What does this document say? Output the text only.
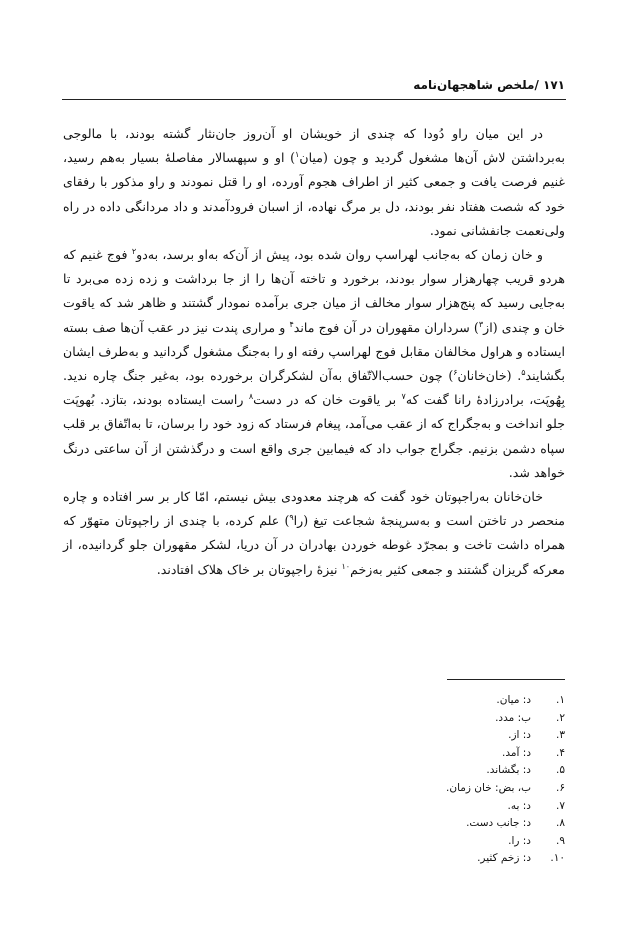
۱۷۱ /ملخص شاهجهان‌نامه

در این میان راو دُودا که چندی از خویشان او آن‌روز جان‌نثار گشته بودند، با مالوجی به‌برداشتن لاش آن‌ها مشغول گردید و چون (میان$^۱$) او و سپهسالار مفاصلهٔ بسیار به‌هم رسید، غنیم فرصت یافت و جمعی کثیر از اطراف هجوم آورده، او را قتل نمودند و راو مذکور با رفقای خود که شصت هفتاد نفر بودند، دل بر مرگ نهاده، از اسبان فرودآمدند و داد مردانگی داده در راه ولی‌نعمت جانفشانی نمود.

و خان زمان که به‌جانب لهراسپ روان شده بود، پیش از آن‌که به‌او برسد، به‌دو$^۲$ فوج غنیم که هردو قریب چهارهزار سوار بودند، برخورد و تاخته آن‌ها را از جا برداشت و زده زده می‌برد تا به‌جایی رسید که پنج‌هزار سوار مخالف از میان جری برآمده نمودار گشتند و ظاهر شد که یاقوت خان و چندی (از$^۳$) سرداران مقهوران در آن فوج ماند$^۴$ و مراری پندت نیز در عقب آن‌ها صف بسته ایستاده و هراول مخالفان مقابل فوج لهراسپ رفته او را به‌جنگ مشغول گردانید و به‌طرف ایشان بگشایند$^۵$. (خان‌خانان$^۶$) چون حسب‌الاتّفاق به‌آن لشکرگران برخورده بود، به‌غیر جنگ چاره ندید. بِهُوپَت، برادرزادهٔ رانا گفت که$^۷$ بر یاقوت خان که در دست$^۸$ راست ایستاده بودند، بتازد. بُهوپَت جلو انداخت و به‌جگراج که از عقب می‌آمد، پیغام فرستاد که زود خود را برسان، تا به‌اتّفاق بر قلب سپاه دشمن بزنیم. جگراج جواب داد که فیمابین جری واقع است و درگذشتن از آن ساعتی درنگ خواهد شد.

خان‌خانان به‌راجپوتان خود گفت که هرچند معدودی بیش نیستم، امّا کار بر سر افتاده و چاره منحصر در تاختن است و به‌سرپنجهٔ شجاعت تیغ (را$^۹$) علم کرده، با چندی از راجپوتان متهوّر که همراه داشت تاخت و بمجرّد غوطه خوردن بهادران در آن دریا، لشکر مقهوران جلو گردانیده، از معرکه گریزان گشتند و جمعی کثیر به‌زخم$^{۱۰}$ نیزهٔ راجپوتان بر خاک هلاک افتادند.

۱.
د: میان.
۲.
ب: مدد.
۳.
د: از.
۴.
د: آمد.
۵.
د: بگشاند.
۶.
ب، بض: خان زمان.
۷.
د: به.
۸.
د: جانب دست.
۹.
د: را.
۱۰.
د: زخم کثیر.
